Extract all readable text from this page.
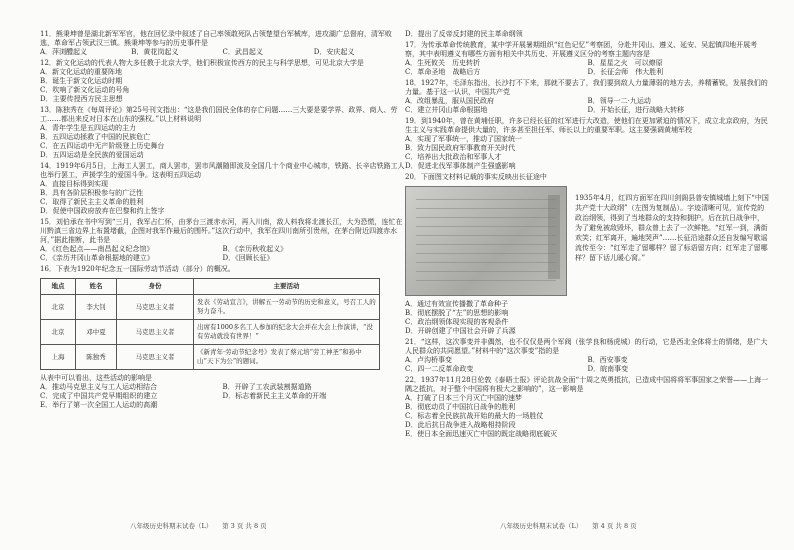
11．熊秉坤曾是湖北新军军官，他在回忆录中叙述了自己率领敢死队占领楚望台军械库，进攻湖广总督府，清军败逃，革命军占领武汉三镇。熊秉坤等参与的历史事件是

A．萍浏醴起义	B．黄花岗起义	C．武昌起义	D．安庆起义

12．新文化运动的代表人物大多任教于北京大学，他们积极宣传西方的民主与科学思想，可见北京大学是

A．新文化运动的重要阵地

B．诞生于新文化运动时期

C．吹响了新文化运动的号角

D．主要传授西方民主思想

13．陈独秀在《每周评论》第25号刊文指出：“这是我们国民全体的存亡问题……三大要是要学界、政界、商人、劳工……都出来反对日本在山东的强权。”以上材料说明

A．青年学生是五四运动的主力

B．五四运动拯救了中国的民族危亡

C．在五四运动中无产阶级登上历史舞台

D．五四运动是全民族的爱国运动

14．1919年6月5日，上海工人罢工，商人罢市，罢市风潮随即波及全国几十个商业中心城市，铁路、长辛店铁路工人也举行罢工，声援学生的爱国斗争。这表明五四运动

A．直接目标得到实现

B．具有各阶层积极参与的广泛性

C．取得了新民主主义革命的胜利

D．促使中国政府放弃在巴黎和约上签字

15．刘伯承在书中写到“三月，我军占仁怀，由茅台三渡赤水河，再入川南，敌人料我将北渡长江，大为恐慌，连忙在川黔滇三省边界上布置堵截，企图对我军作最后的围歼。”这次行动中，我军在四川南所引贵州，在茅台附近四渡赤水河，”据此推断，此书是

A．《红色起点——南昌起义纪念馆》	B．《亲历秋收起义》

C．《亲历井冈山革命根据地的建立》	D．《回顾长征》

16．下表为1920年纪念五一国际劳动节活动（部分）的概况。

地点	姓名	身份	主要活动
北京	李大钊	马克思主义者	发表《劳动宣言》，讲解五一劳动节的历史和意义，号召工人的努力奋斗。
北京	邓中夏	马克思主义者	出席有1000多名工人参加的纪念大会并在大会上作演讲，“没有劳动就没有世界！”
上海	陈独秀	马克思主义者	《新青年·劳动节纪念号》发表了蔡元培“劳工神圣”和孙中山“天下为公”的题词。

从表中可以看出，这些活动的影响是

A．推动马克思主义与工人运动相结合	B．开辟了工农武装割据道路

C．完成了中国共产党早期组织的建立	D．标志着新民主主义革命的开端

E．举行了第一次全国工人运动的高潮

八年级历史科期末试卷（L）　　第 3 页 共 8 页

D．提出了反帝反封建的民主革命纲领

17．为传承革命传统教育，某中学开展暑期组织“红色记忆”考察团，分赴井冈山、遵义、延安、吴起镇四地开展考察，其中表明遵义有哪些方面有相关中共历史、开展遵义区分的考察主题内容是

A．生死攸关　历史转折	B．星星之火　可以燎原

C．革命圣地　战略后方	D．长征会师　伟大胜利

18．1927年，毛泽东指出，长沙打不下来，那就不要去了，我们要到敌人力量薄弱的地方去，养精蓄锐，发展我们的力量。基于这一认识，中国共产党

A．改组暴乱，服从国民政府	B．领导一二·九运动

C．建立井冈山革命根据地	D．开始长征，进行战略大转移

19．到1940年，曾在黄埔任职，许多已经长征的红军进行大改造，使他们在更加紧迫的情况下，成立北京政府，为民生主义与实践革命提供大量的，许多甚至担任军、师长以上的重要军职。这主要强调黄埔军校

A．实现了军事统一，推动了国家统一

B．致力国民政府军事教育开关时代

C．培养出大批政治和军事人才

D．促进北伐军事体制产生强盛影响

20．下面图文材料记载的事实反映出长征途中

1935年4月，红四方面军在四川剑阁县普安镇城墙上刻下“中国共产党十大政纲”（左图为复制品）。字迹清晰可见，宣传党的政治纲领，得到了当地群众的支持和拥护。后在抗日战争中，为了避免被敌毁坏，群众曾上去了一次鲜艳。“红军一到，满街欢笑；红军离开，遍地哭声”……长征沿途群众还自发编写歌谣流传至今：“红军走了留哪样？留了标语留方向；红军走了留哪样？留下话儿暖心窝。”

A．通过有效宣传播撒了革命种子

B．彻底摆脱了“左”的思想的影响

C．政治纲领体现实现的客观条件

D．开辟创建了中国社会开辟了兵源

21．“这样，这次事变并非偶然，也不仅仅是两个军阀（张学良和杨虎城）的行动，它是西北全体将士的情绪，是广大人民群众的共同愿望。”材料中的“这次事变”指的是

A．卢沟桥事变	B．西安事变

C．四一二反革命政变	D．皖南事变

22．1937年11月28日伦敦《泰晤士报》评论抗战全面“十周之英勇抵抗，已造成中国将将军事国家之荣誉——上海一隅之抵抗，对于整个中国将有极大之影响的”，这一影响是

A．打破了日本三个月灭亡中国的速梦

B．彻底动员了中国抗日战争的胜利

C．标志着全民族抗战开始的最大的一场胜仗

D．此后抗日战争进入战略相持阶段

E．使日本全面迅速灭亡中国的既定战略彻底破灭

八年级历史科期末试卷（L）　　第 4 页 共 8 页
